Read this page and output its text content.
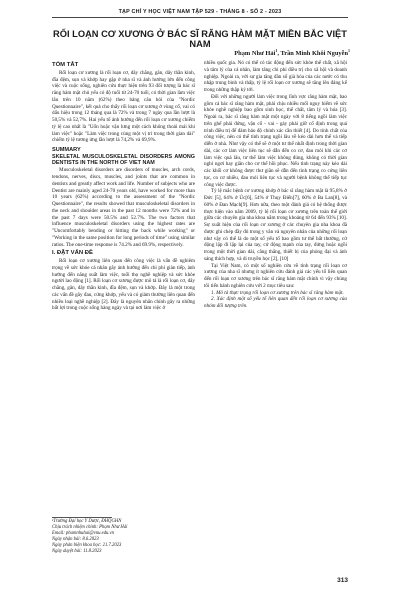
TẠP CHÍ Y HỌC VIỆT NAM TẬP 529 - THÁNG 8 - SỐ 2 - 2023
RỐI LOẠN CƠ XƯƠNG Ở BÁC SĨ RĂNG HÀM MẶT MIỀN BẮC VIỆT NAM
Phạm Như Hải$^1$, Trần Minh Khôi Nguyễn$^1$
TÓM TẮT

Rối loạn cơ xương là rối loạn cơ, dây chằng, gân, dây thần kinh, đĩa đệm, sụn và khớp hay gặp ở nha sĩ và ảnh hưởng lớn đến công việc và cuộc sống, nghiên cứu thực hiện trên 93 đối tượng là bác sĩ răng hàm mặt chủ yếu có độ tuổi từ 24-70 tuổi, có thời gian làm việc lâu trên 10 năm (62%) theo bảng câu hỏi của "Nordic Questionnaire", kết quả cho thấy rối loạn cơ xương ở vùng cổ, vai có dấu hiệu trong 12 tháng qua là 72% và trong 7 ngày qua lần lượt là 50,5% và 52,7%. Hai yếu tố ảnh hưởng đến rối loạn cơ xương chiếm tỷ lệ cao nhất là "Uốn hoặc vặn lưng một cách không thoải mái khi làm việc" hoặc "Làm việc trong cùng một vị trí trong thời gian dài" chiếm tỷ lệ tương ứng lần lượt là 74,2% và 69,9%.

SUMMARY
SKELETAL MUSCULOSKELETAL DISORDERS AMONG DENTISTS IN THE NORTH OF VIET NAM

Musculoskeletal disorders are disorders of muscles, arch cords, tendons, nerves, discs, muscles, and joints that are common in dentists and greatly affect work and life. Number of subjects who are Dentist are mainly aged 24-70 years old, have worked for more than 10 years (62%) according to the assessment of the "Nordic Questionnaire", the results showed that musculoskeletal disorders in the neck and shoulder areas in the past 12 months were 72% and in the past 7 days were 50.5% and 52.7%. The two factors that influence musculoskeletal disorders using the highest rates are "Uncomfortably bending or hitting the back while working" or "Working in the same position for long periods of time" using similar ratios. The one-time response is 74.2% and 69.9%, respectively.

I. ĐẶT VẤN ĐỀ

Rối loạn cơ xương liên quan đến công việc là vấn đề nghiêm trọng về sức khỏe cá nhân gây ảnh hưởng đến chi phí giàn tiếp, ảnh hưởng đến năng suất làm việc, tuổi thọ nghề nghiệp và sức khỏe người lao động [1]. Rối loạn cơ xương được mô tả là rối loạn cơ, dây chằng, gân, dây thần kinh, đĩa đệm, sụn và khớp. Đây là một trong các vấn đề gây đau, cứng khớp, yếu và có giảm thường liên quan đến nhiều loại nghề nghiệp [2]. Đây là nguyên nhân chính gây ra những bất lợi trong cuộc sống hàng ngày và tại nơi làm việc ở

¹Trường Đại học Y Dược, ĐHQGHN
Chịu trách nhiệm chính: Phạm Như Hải
Email: phamnhuhai@vnu.edu.vn
Ngày nhận bài: 8.6.2023
Ngày phản biện khoa học: 21.7.2023
Ngày duyệt bài: 11.8.2023

nhiều quốc gia. Nó có thể có tác động đến sức khỏe thể chất, xã hội và tâm lý của cá nhân, làm tăng chi phí điều trị cho xã hội và doanh nghiệp. Ngoài ra, với sự gia tăng dần số già hóa của các nước có thu nhập trung bình và thấp, tỷ lệ rối loạn cơ xương sẽ tăng lên đáng kể trong những thập kỷ tới.

Đối với những người làm việc trong lĩnh vực răng hàm mặt, bao gồm cả bác sĩ răng hàm mặt, phải chịu nhiều mối nguy hiểm về sức khỏe nghề nghiệp bao gồm sinh học, thể chất, tâm lý và hóa [3]. Ngoài ra, bác sĩ răng hàm mặt một ngày với 8 tiếng ngồi làm việc trên ghế phải đứng, vặn cổ - vai - gáy phải giữ cố định trong quá trình điều trị để đảm bảo độ chính xác cần thiết [4]. Do tính chất của công việc, nên có thể tính trạng ngồi lâu về kéo dài hơn thế và tiếp diễn ở nhà. Như vậy có thể sẽ ở một tư thế nhất định trong thời gian dài, các cơ làm việc liên tục sẽ dẫn đến co cơ, đau mỏi khi các cơ làm việc quá lâu, tư thế làm việc không đúng, không có thời gian nghỉ ngơi hay giãn cho cơ thể hồi phục. Nếu tình trạng này kéo dài các khối cơ không được thư giãn sẽ dẫn đến tình trạng co cứng liên tục, co cơ nhiều, đau mỏi liên tục và người bệnh không thể tiếp tục công việc được.

Tỷ lệ mắc bệnh cơ xương khớp ở bác sĩ răng hàm mặt là 95,8% ở Đức [5], 64% ở Úc[6], 54% ở Thụy Điển[7], 60% ở Ba Lan[8], và 60% ở Đan Mạch[9]. Hơn nữa, theo một đánh giá có hệ thống được thực hiện vào năm 2009, tỷ lệ rối loạn cơ xương trên toàn thế giới giữa các chuyên gia nha khoa nằm trong khoảng từ 64 đến 93% [10]. Sự xuất hiện của rối loạn cơ xương ở các chuyên gia nha khoa đã được ghi chép đầy đủ trong y văn và nguyên nhân của những rối loạn như vậy có thể là do một số yếu tố bao gồm tư thế bất thường, cử động lặp đi lặp lại của tay, cử động mạnh của tay, đứng hoặc ngồi trong một thời gian dài, căng thẳng, thiết bị của phòng đại và ánh sáng thích hợp, và di truyền học [2], [10]

Tại Việt Nam, có một số nghiên cứu về tình trạng rối loạn cơ xương của nha sĩ nhưng ít nghiên cứu đánh giá các yếu tố liên quan đến rối loạn cơ xương trên bác sĩ răng hàm mặt chính vì vậy chúng tôi tiến hành nghiên cứu với 2 mục tiêu sau:

1. Mô tả thực trạng rối loạn cơ xương trên bác sĩ răng hàm mặt.

2. Xác định một số yếu tố liên quan đến rối loạn cơ xương của nhóm đối tượng trên.

313
